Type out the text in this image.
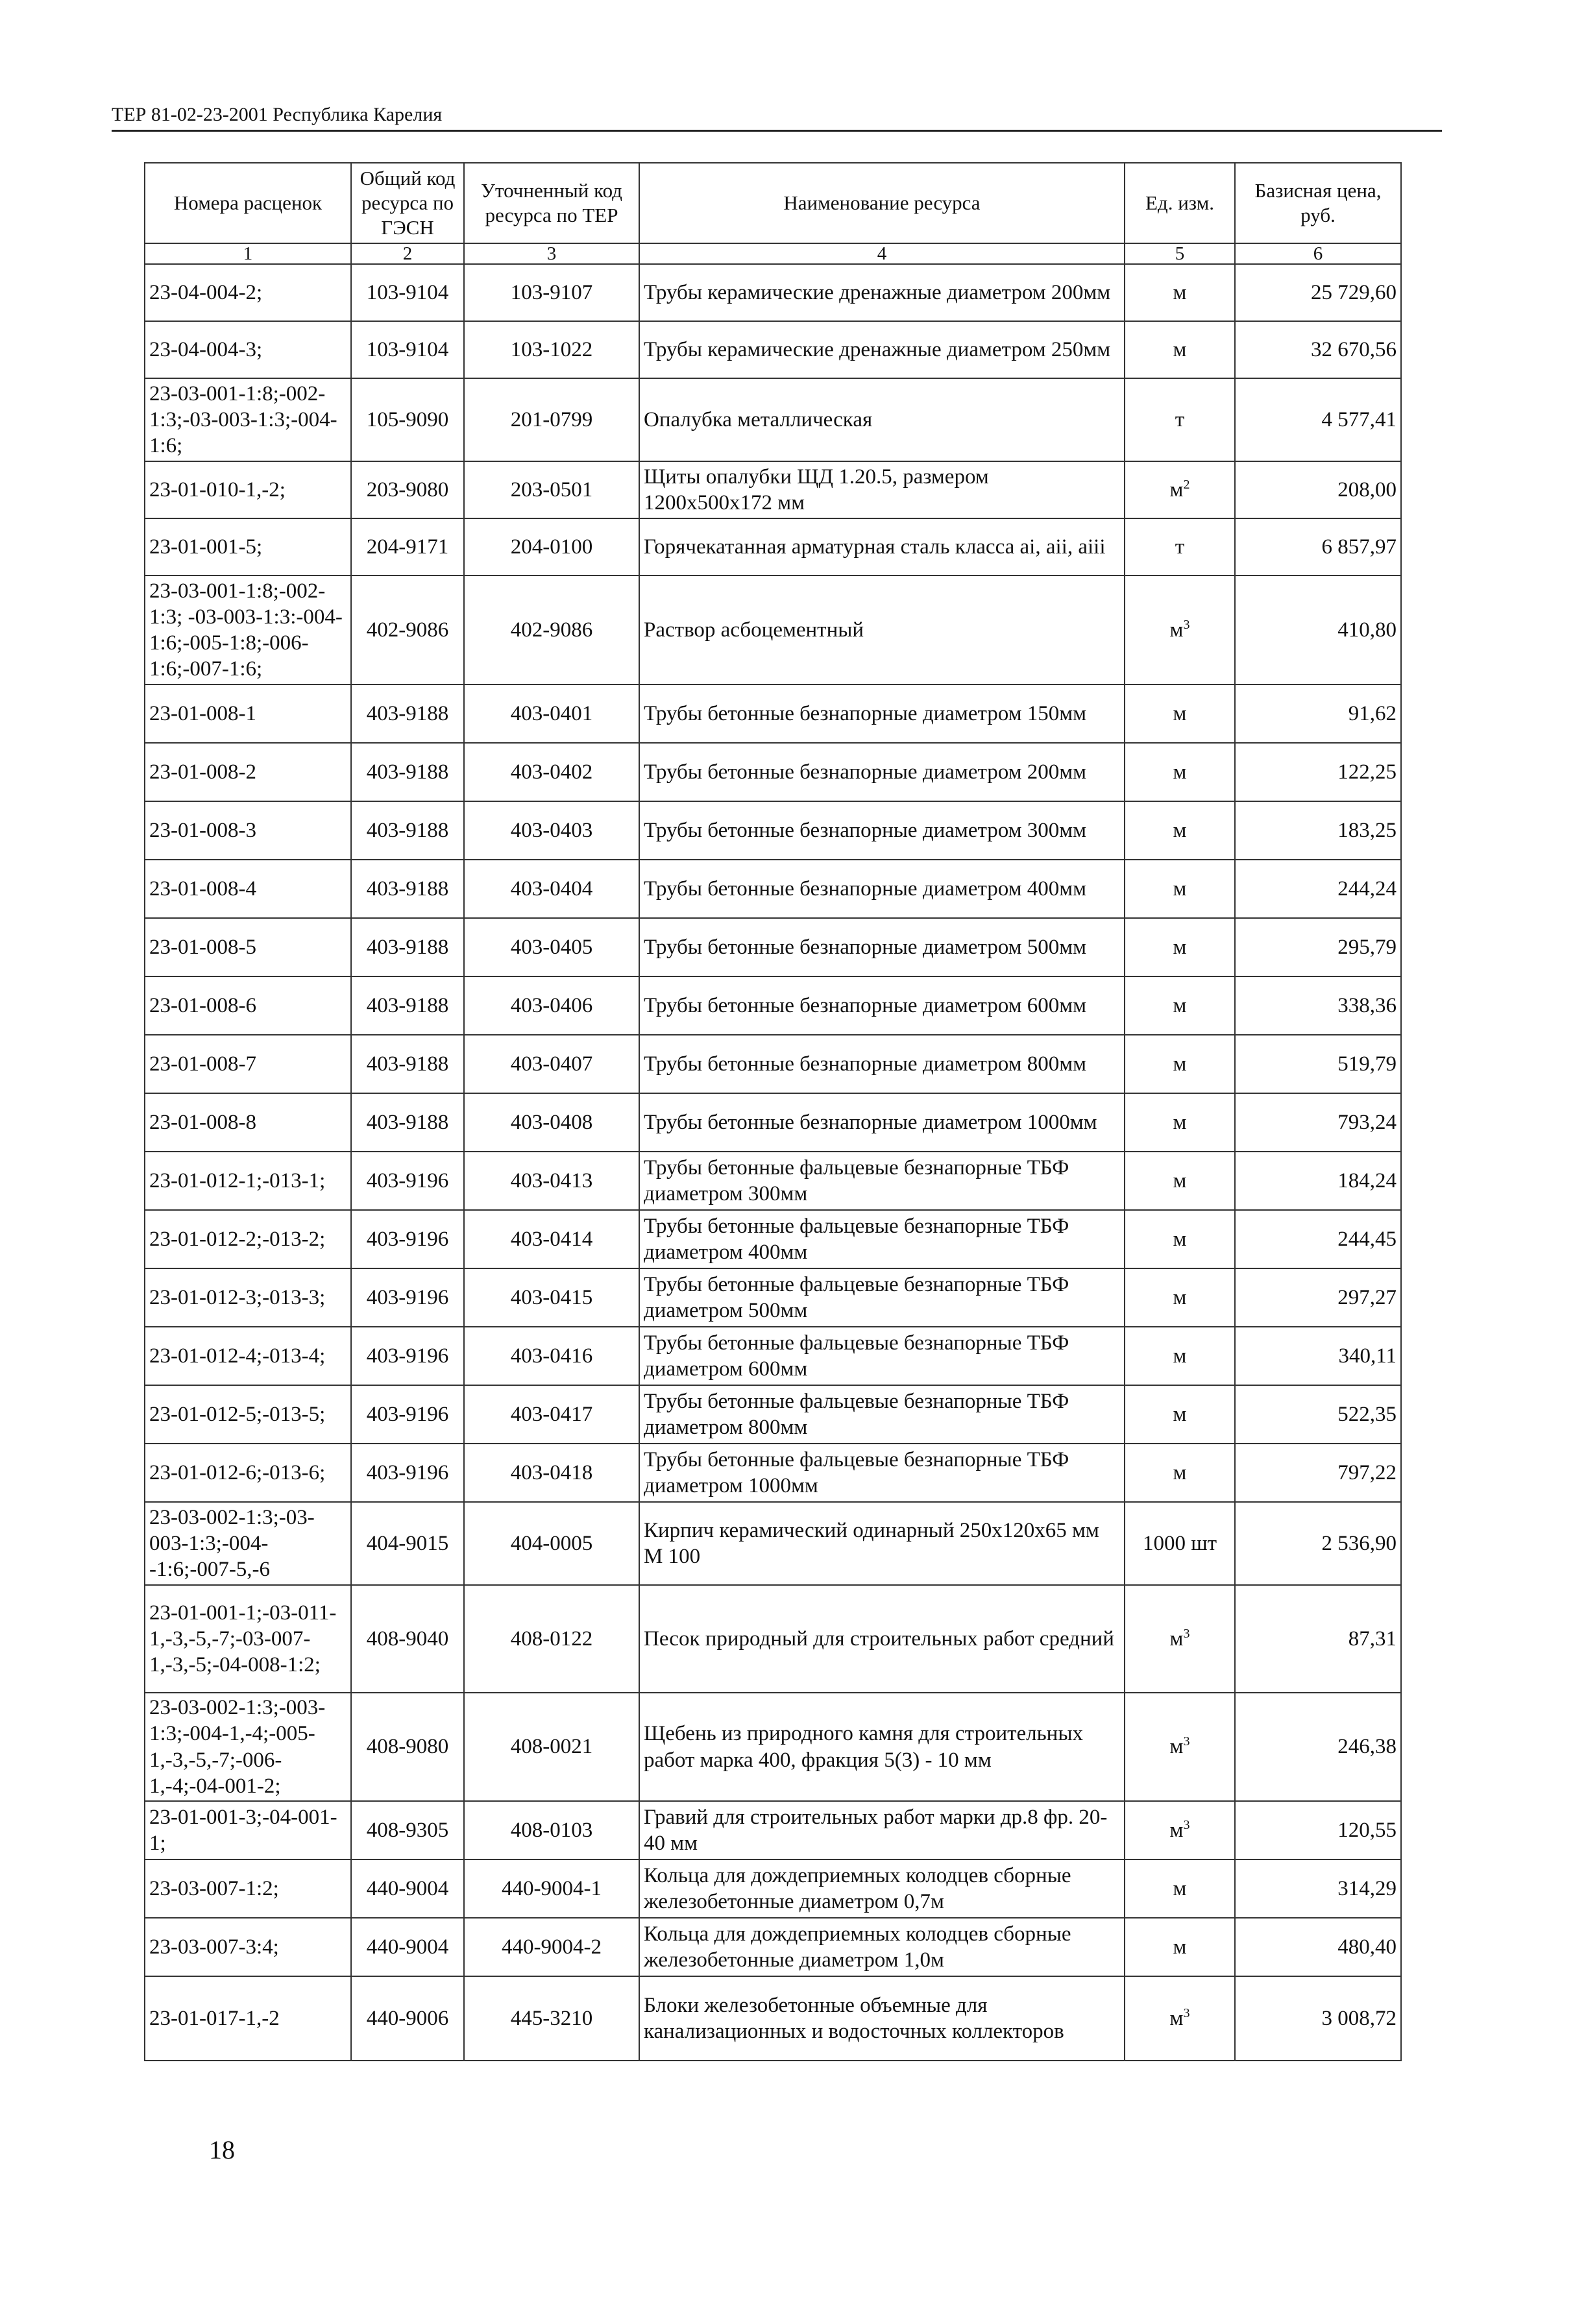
ТЕР 81-02-23-2001 Республика Карелия
Номера расценок	Общий код ресурса по ГЭСН	Уточненный код ресурса по ТЕР	Наименование ресурса	Ед. изм.	Базисная цена, руб.
1	2	3	4	5	6
23-04-004-2;	103-9104	103-9107	Трубы керамические дренажные диаметром 200мм	м	25 729,60
23-04-004-3;	103-9104	103-1022	Трубы керамические дренажные диаметром 250мм	м	32 670,56
23-03-001-1:8;-002-1:3;-03-003-1:3;-004-1:6;	105-9090	201-0799	Опалубка металлическая	т	4 577,41
23-01-010-1,-2;	203-9080	203-0501	Щиты опалубки ЩД 1.20.5, размером 1200x500x172 мм	$м^2$	208,00
23-01-001-5;	204-9171	204-0100	Горячекатанная арматурная сталь класса ai, aii, aiii	т	6 857,97
23-03-001-1:8;-002-1:3; -03-003-1:3:-004-1:6;-005-1:8;-006-1:6;-007-1:6;	402-9086	402-9086	Раствор асбоцементный	$м^3$	410,80
23-01-008-1	403-9188	403-0401	Трубы бетонные безнапорные диаметром 150мм	м	91,62
23-01-008-2	403-9188	403-0402	Трубы бетонные безнапорные диаметром 200мм	м	122,25
23-01-008-3	403-9188	403-0403	Трубы бетонные безнапорные диаметром 300мм	м	183,25
23-01-008-4	403-9188	403-0404	Трубы бетонные безнапорные диаметром 400мм	м	244,24
23-01-008-5	403-9188	403-0405	Трубы бетонные безнапорные диаметром 500мм	м	295,79
23-01-008-6	403-9188	403-0406	Трубы бетонные безнапорные диаметром 600мм	м	338,36
23-01-008-7	403-9188	403-0407	Трубы бетонные безнапорные диаметром 800мм	м	519,79
23-01-008-8	403-9188	403-0408	Трубы бетонные безнапорные диаметром 1000мм	м	793,24
23-01-012-1;-013-1;	403-9196	403-0413	Трубы бетонные фальцевые безнапорные ТБФ диаметром 300мм	м	184,24
23-01-012-2;-013-2;	403-9196	403-0414	Трубы бетонные фальцевые безнапорные ТБФ диаметром 400мм	м	244,45
23-01-012-3;-013-3;	403-9196	403-0415	Трубы бетонные фальцевые безнапорные ТБФ диаметром 500мм	м	297,27
23-01-012-4;-013-4;	403-9196	403-0416	Трубы бетонные фальцевые безнапорные ТБФ диаметром 600мм	м	340,11
23-01-012-5;-013-5;	403-9196	403-0417	Трубы бетонные фальцевые безнапорные ТБФ диаметром 800мм	м	522,35
23-01-012-6;-013-6;	403-9196	403-0418	Трубы бетонные фальцевые безнапорные ТБФ диаметром 1000мм	м	797,22
23-03-002-1:3;-03-003-1:3;-004--1:6;-007-5,-6	404-9015	404-0005	Кирпич керамический одинарный 250x120x65 мм М 100	1000 шт	2 536,90
23-01-001-1;-03-011-1,-3,-5,-7;-03-007-1,-3,-5;-04-008-1:2;	408-9040	408-0122	Песок природный для строительных работ средний	$м^3$	87,31
23-03-002-1:3;-003-1:3;-004-1,-4;-005-1,-3,-5,-7;-006-1,-4;-04-001-2;	408-9080	408-0021	Щебень из природного камня для строительных работ марка 400, фракция 5(3) - 10 мм	$м^3$	246,38
23-01-001-3;-04-001-1;	408-9305	408-0103	Гравий для строительных работ марки др.8 фр. 20-40 мм	$м^3$	120,55
23-03-007-1:2;	440-9004	440-9004-1	Кольца для дождеприемных колодцев сборные железобетонные диаметром 0,7м	м	314,29
23-03-007-3:4;	440-9004	440-9004-2	Кольца для дождеприемных колодцев сборные железобетонные диаметром 1,0м	м	480,40
23-01-017-1,-2	440-9006	445-3210	Блоки железобетонные объемные для канализационных и водосточных коллекторов	$м^3$	3 008,72
18
